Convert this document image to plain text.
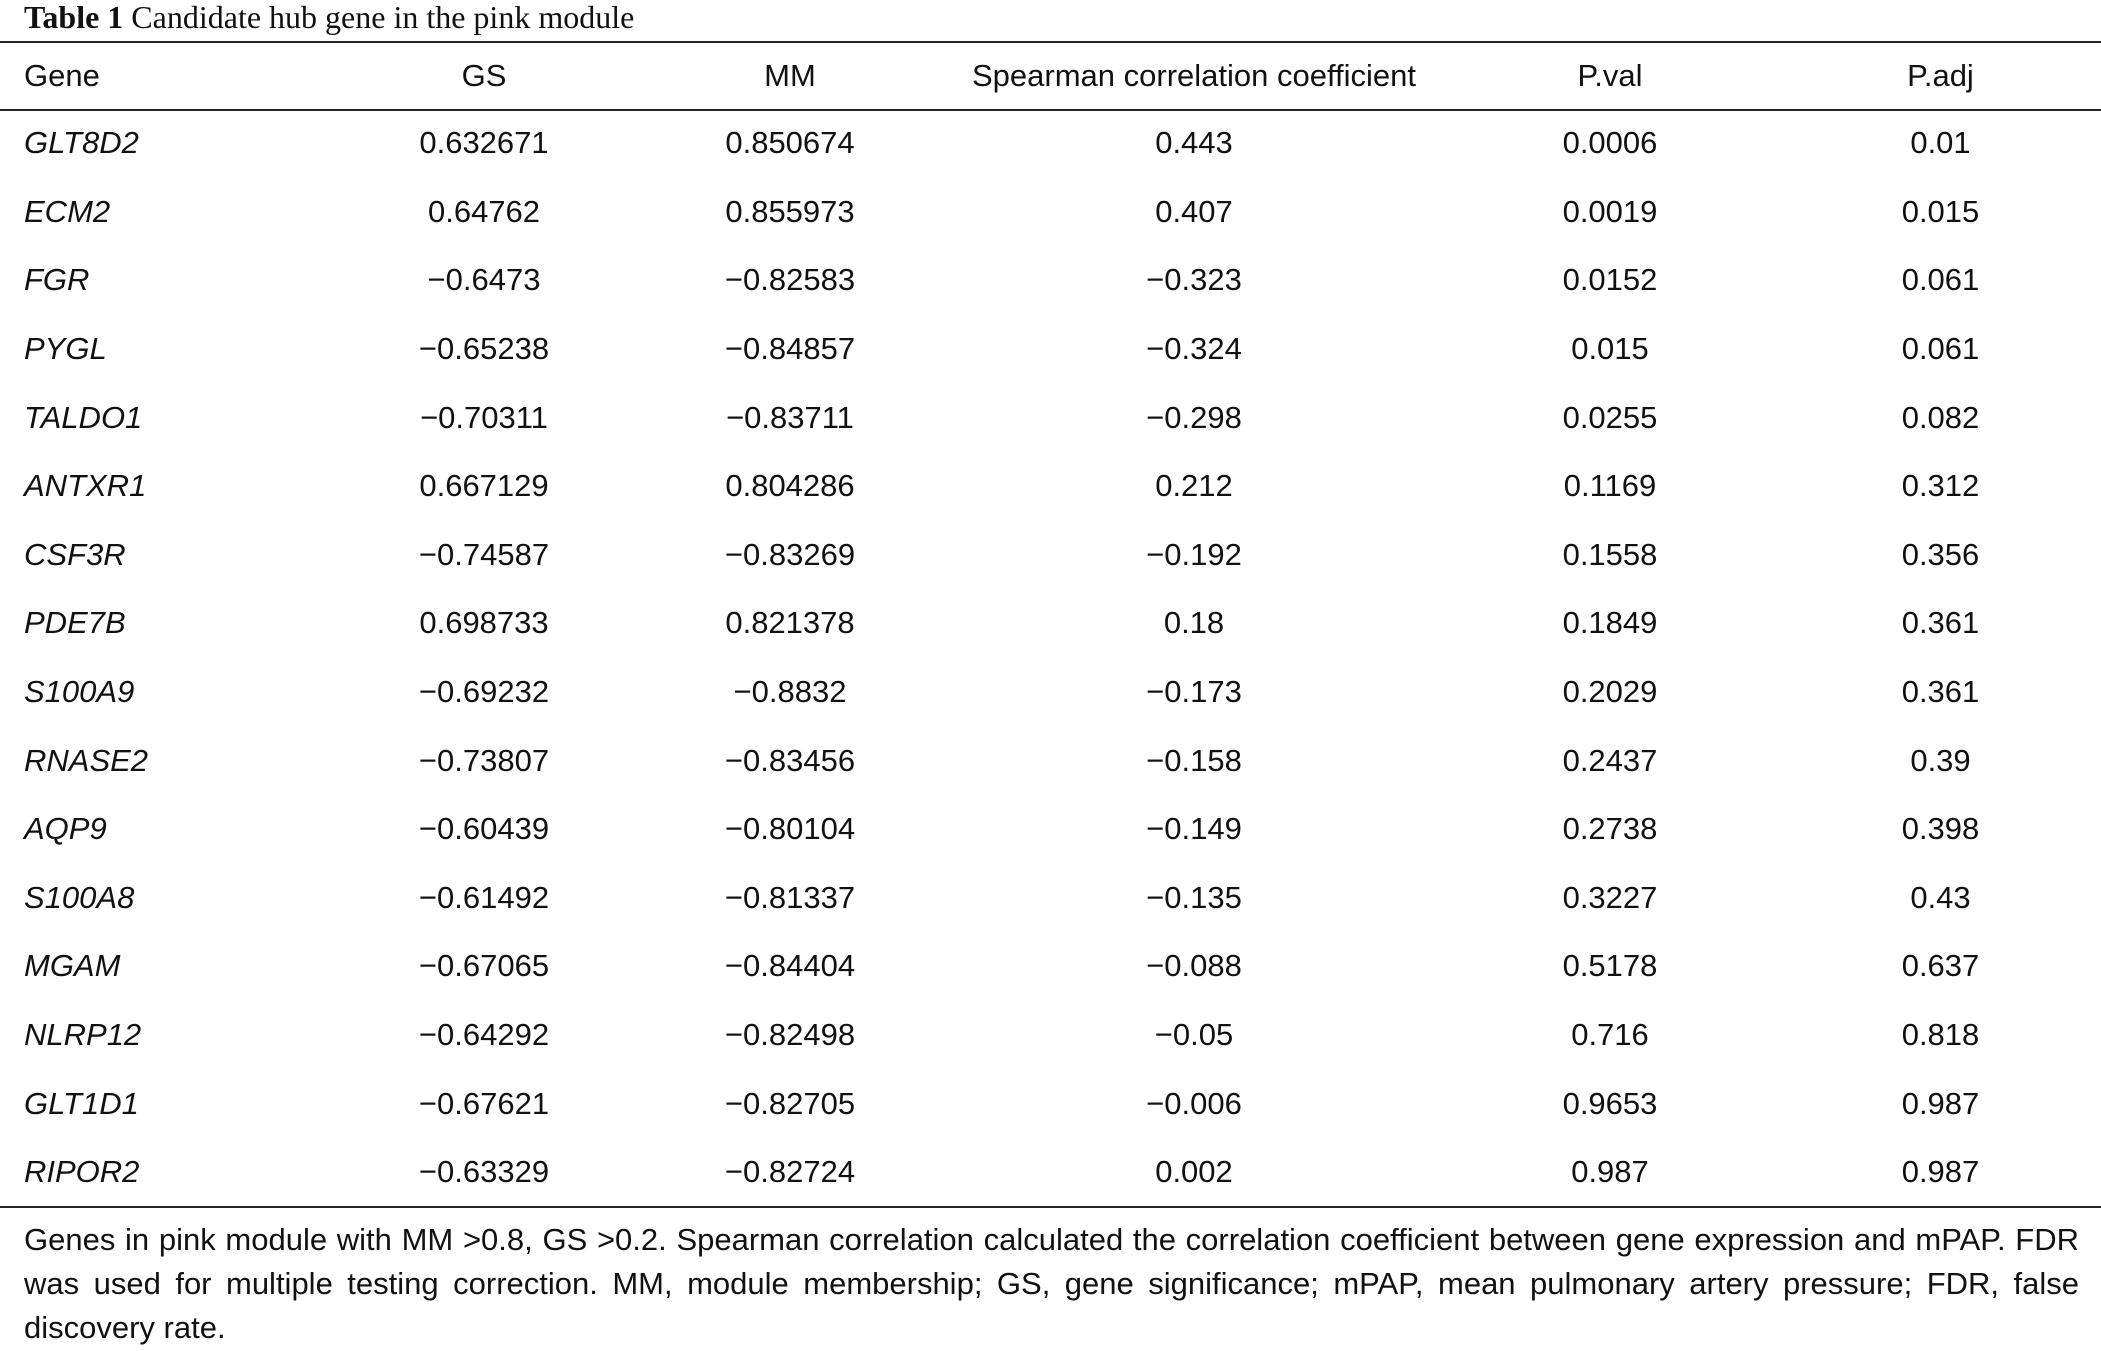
Table 1 Candidate hub gene in the pink module
Gene	GS	MM	Spearman correlation coefficient	P.val	P.adj
GLT8D2	0.632671	0.850674	0.443	0.0006	0.01
ECM2	0.64762	0.855973	0.407	0.0019	0.015
FGR	−0.6473	−0.82583	−0.323	0.0152	0.061
PYGL	−0.65238	−0.84857	−0.324	0.015	0.061
TALDO1	−0.70311	−0.83711	−0.298	0.0255	0.082
ANTXR1	0.667129	0.804286	0.212	0.1169	0.312
CSF3R	−0.74587	−0.83269	−0.192	0.1558	0.356
PDE7B	0.698733	0.821378	0.18	0.1849	0.361
S100A9	−0.69232	−0.8832	−0.173	0.2029	0.361
RNASE2	−0.73807	−0.83456	−0.158	0.2437	0.39
AQP9	−0.60439	−0.80104	−0.149	0.2738	0.398
S100A8	−0.61492	−0.81337	−0.135	0.3227	0.43
MGAM	−0.67065	−0.84404	−0.088	0.5178	0.637
NLRP12	−0.64292	−0.82498	−0.05	0.716	0.818
GLT1D1	−0.67621	−0.82705	−0.006	0.9653	0.987
RIPOR2	−0.63329	−0.82724	0.002	0.987	0.987
Genes in pink module with MM >0.8, GS >0.2. Spearman correlation calculated the correlation coefficient between gene expression and mPAP. FDR was used for multiple testing correction. MM, module membership; GS, gene significance; mPAP, mean pulmonary artery pressure; FDR, false discovery rate.
